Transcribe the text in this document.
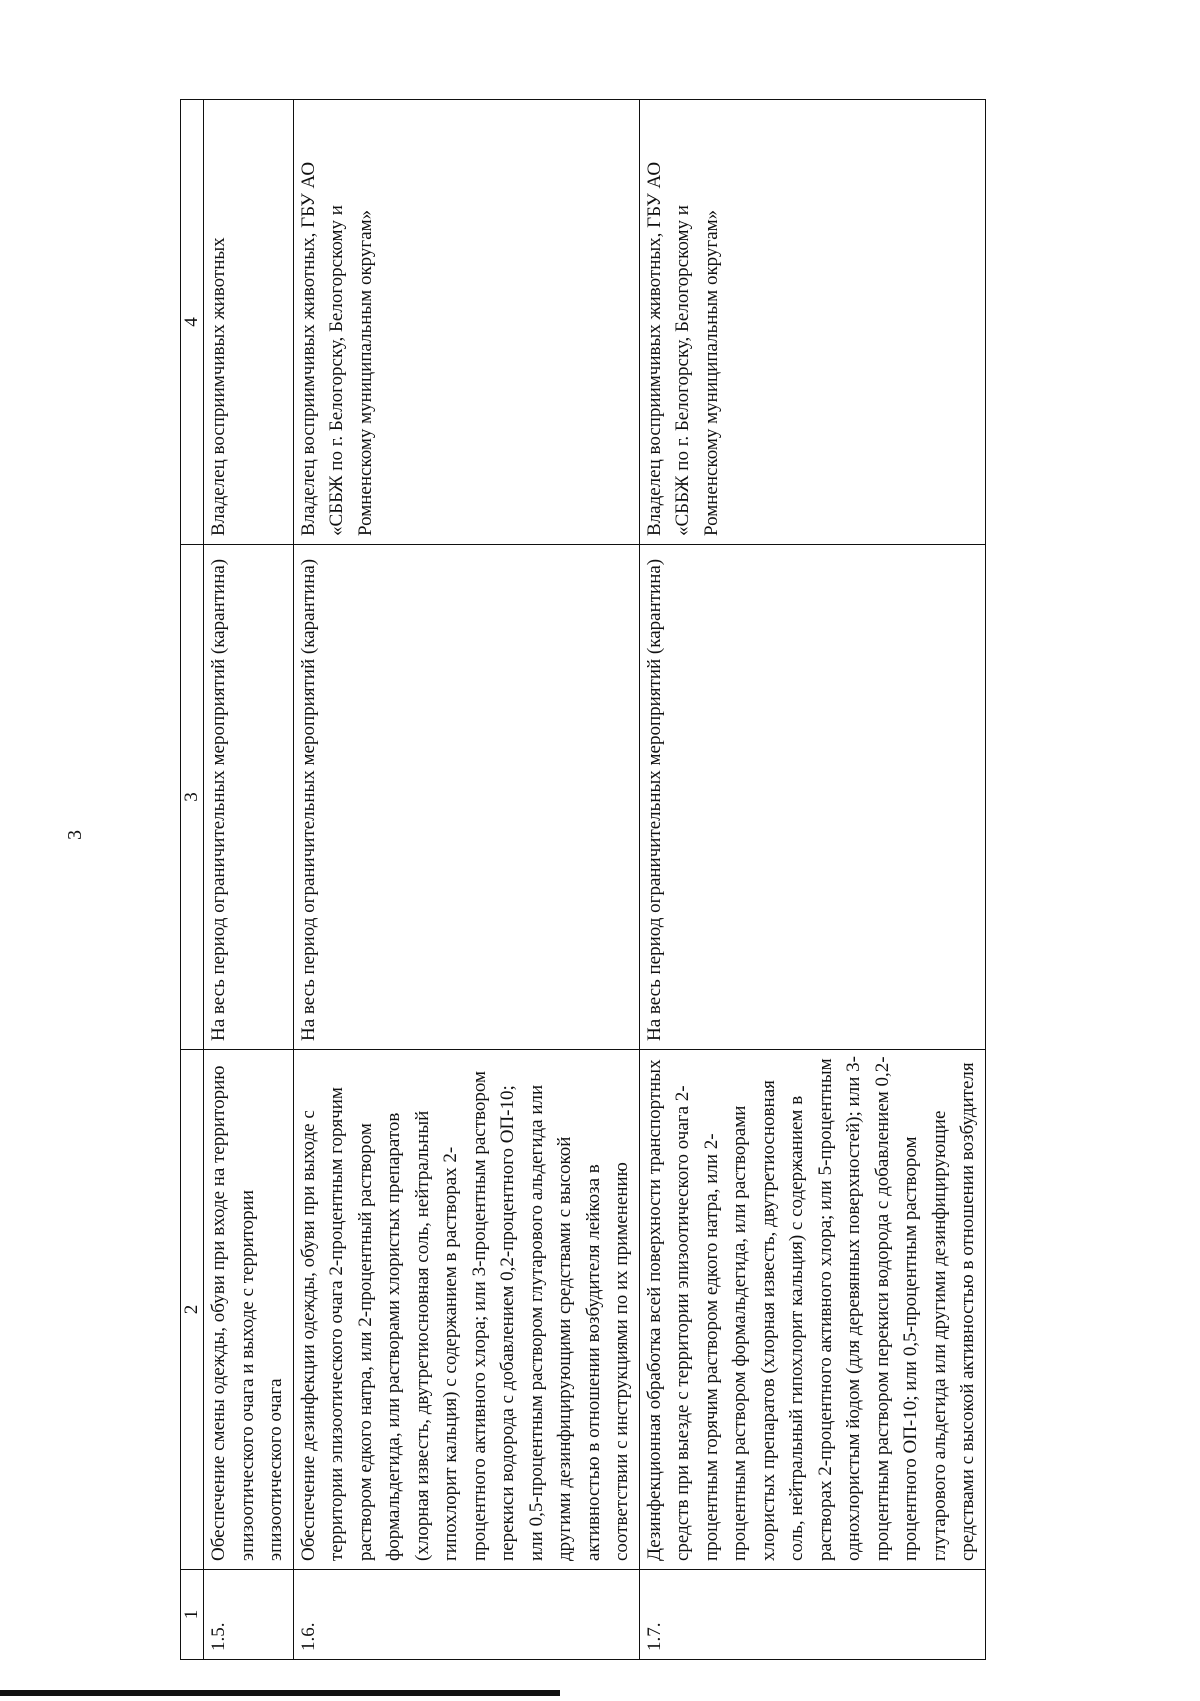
3
1	2	3	4
1.5.	Обеспечение смены одежды, обуви при входе на территорию эпизоотического очага и выходе с территории эпизоотического очага	На весь период ограничительных мероприятий (карантина)	Владелец восприимчивых животных
1.6.	Обеспечение дезинфекции одежды, обуви при выходе с территории эпизоотического очага 2-процентным горячим раствором едкого натра, или 2-процентный раствором формальдегида, или растворами хлористых препаратов (хлорная известь, двутретиосновная соль, нейтральный гипохлорит кальция) с содержанием в растворах 2-процентного активного хлора; или 3-процентным раствором перекиси водорода с добавлением 0,2-процентного ОП-10; или 0,5-процентным раствором глутарового альдегида или другими дезинфицирующими средствами с высокой активностью в отношении возбудителя лейкоза в соответствии с инструкциями по их применению	На весь период ограничительных мероприятий (карантина)	Владелец восприимчивых животных, ГБУ АО «СББЖ по г. Белогорску, Белогорскому и Ромненскому муниципальным округам»
1.7.	Дезинфекционная обработка всей поверхности транспортных средств при выезде с территории эпизоотического очага 2-процентным горячим раствором едкого натра, или 2-процентным раствором формальдегида, или растворами хлористых препаратов (хлорная известь, двутретиосновная соль, нейтральный гипохлорит кальция) с содержанием в растворах 2-процентного активного хлора; или 5-процентным однохлористым йодом (для деревянных поверхностей); или 3-процентным раствором перекиси водорода с добавлением 0,2-процентного ОП-10; или 0,5-процентным раствором глутарового альдегида или другими дезинфицирующие средствами с высокой активностью в отношении возбудителя	На весь период ограничительных мероприятий (карантина)	Владелец восприимчивых животных, ГБУ АО «СББЖ по г. Белогорску, Белогорскому и Ромненскому муниципальным округам»
